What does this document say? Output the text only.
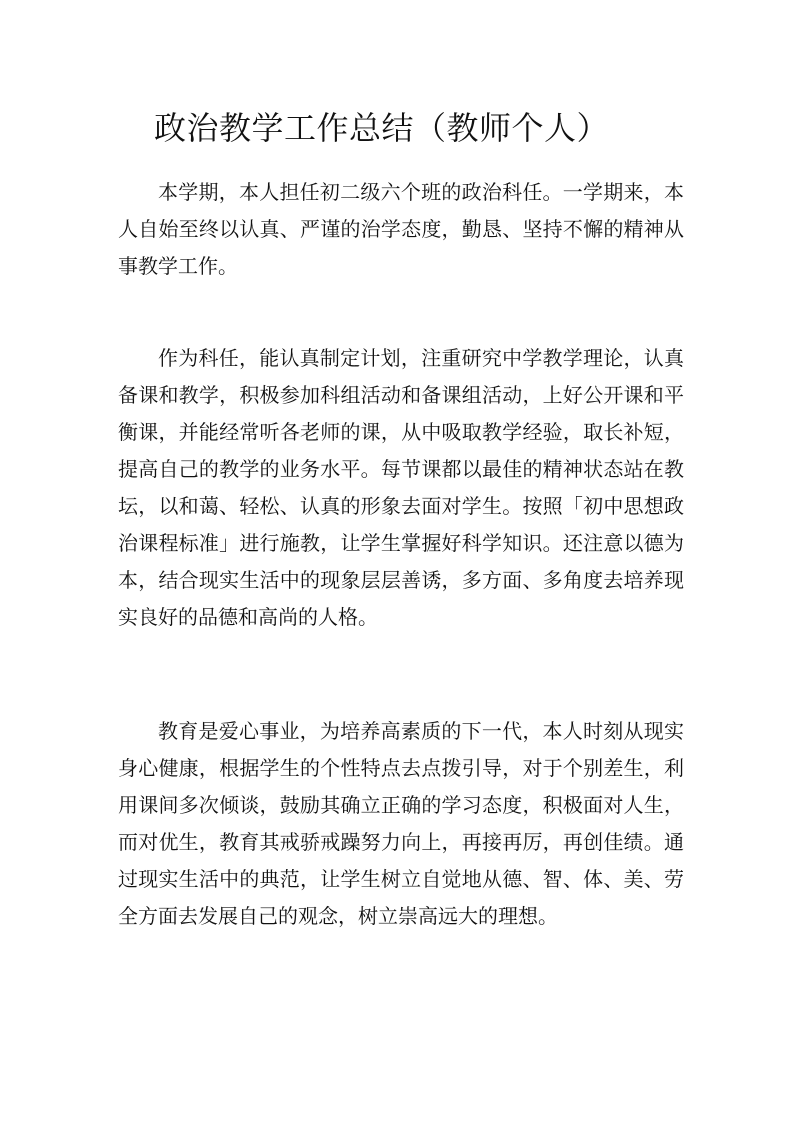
政治教学工作总结（教师个人）

本学期，本人担任初二级六个班的政治科任。一学期来，本人自始至终以认真、严谨的治学态度，勤恳、坚持不懈的精神从事教学工作。

作为科任，能认真制定计划，注重研究中学教学理论，认真备课和教学，积极参加科组活动和备课组活动，上好公开课和平衡课，并能经常听各老师的课，从中吸取教学经验，取长补短，提高自己的教学的业务水平。每节课都以最佳的精神状态站在教坛，以和蔼、轻松、认真的形象去面对学生。按照「初中思想政治课程标准」进行施教，让学生掌握好科学知识。还注意以德为本，结合现实生活中的现象层层善诱，多方面、多角度去培养现实良好的品德和高尚的人格。

教育是爱心事业，为培养高素质的下一代，本人时刻从现实身心健康，根据学生的个性特点去点拨引导，对于个别差生，利用课间多次倾谈，鼓励其确立正确的学习态度，积极面对人生，而对优生，教育其戒骄戒躁努力向上，再接再厉，再创佳绩。通过现实生活中的典范，让学生树立自觉地从德、智、体、美、劳全方面去发展自己的观念，树立崇高远大的理想。
